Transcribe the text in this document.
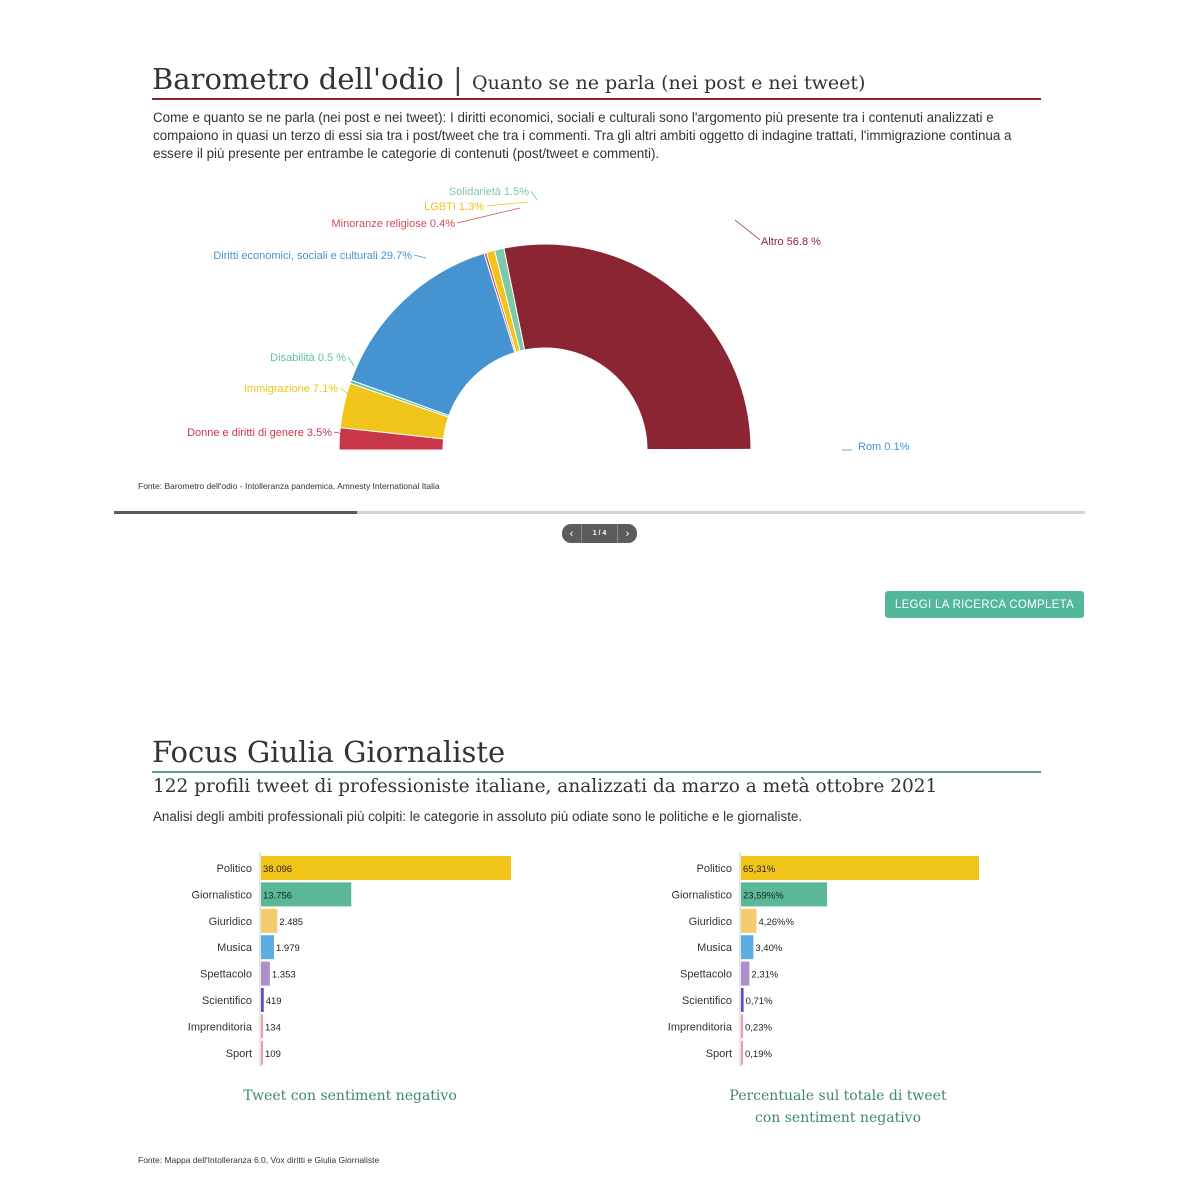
Barometro dell'odio | Quanto se ne parla (nei post e nei tweet)
Come e quanto se ne parla (nei post e nei tweet): I diritti economici, sociali e culturali sono l'argomento più presente tra i contenuti analizzati e compaiono in quasi un terzo di essi sia tra i post/tweet che tra i commenti. Tra gli altri ambiti oggetto di indagine trattati, l'immigrazione continua a essere il più presente per entrambe le categorie di contenuti (post/tweet e commenti).
Donne e diritti di genere 3.5%
Immigrazione 7.1%
Disabilità 0.5 %
Diritti economici, sociali e culturali 29.7%
Minoranze religiose 0.4%
LGBTI 1.3%
Solidarietà 1.5%
Altro 56.8 %
Rom 0.1%
Fonte: Barometro dell'odio - Intolleranza pandemica, Amnesty International Italia
‹	1 / 4	›
LEGGI LA RICERCA COMPLETA
Focus Giulia Giornaliste
122 profili tweet di professioniste italiane, analizzati da marzo a metà ottobre 2021
Analisi degli ambiti professionali più colpiti: le categorie in assoluto più odiate sono le politiche e le giornaliste.
Politico 38.096
Giornalistico 13.756
Giuridico	2.485
Musica	1.979
Spettacolo 1.353
Scientifico 419
Imprenditoria 134
Sport 109
Politico 65,31%
Giornalistico 23,59%%
Giuridico	4,26%%
Musica 3,40%
Spettacolo 2,31%
Scientifico 0,71%
Imprenditoria 0,23%
Sport 0,19%
Tweet con sentiment negativo	Percentuale sul totale di tweet
con sentiment negativo
Fonte: Mappa dell'Intolleranza 6.0, Vox diritti e Giulia Giornaliste
